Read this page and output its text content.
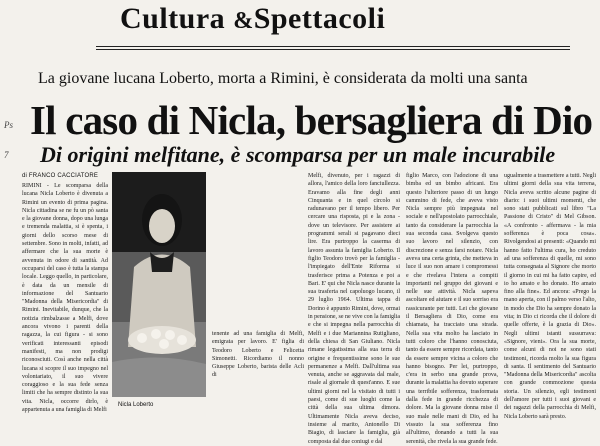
Cultura &Spettacoli
La giovane lucana Loberto, morta a Rimini, è considerata da molti una santa
Il caso di Nicla, bersagliera di Dio
Di origini melfitane, è scomparsa per un male incurabile
Ps
7
di FRANCO CACCIATORE

RIMINI - Le scomparsa della lucana Nicla Loberto è divenuta a Rimini un evento di prima pagina. Nicla cittadina se ne fu un pò santa e la giovane donna, dopo una lunga e tremenda malattia, si è spenta, i giorni dello scorso mese di settembre. Sono in molti, infatti, ad affermare che la sua morte è avvenuta in odore di santità. Ad occuparsi del caso è tutta la stampa locale. Leggo quello, in particolare, è data da un mensile di informazione del Santuario "Madonna della Misericordia" di Rimini. Inevitabile, dunque, che la notizia rimbalzasse a Melfi, dove ancora vivono i parenti della ragazza, la cui figura - si sono verificati interessanti episodi manifesti, ma non prodigi riconosciuti. Così anche nella città lucana si scopre il suo impegno nel volontariato, il suo vivere coraggioso e la sua fede senza limiti che ha sempre distinto la sua vita. Nicla, occorre dirlo, è appartenuta a una famiglia di Melfi

Nicla Loberto

tenente ad una famiglia di Melfi, emigrata per lavoro. E' figlia di Teodoro Loberto e Felicetta Simonetti. Ricordiamo il nonno Giuseppe Loberto, barista delle Acli di

Melfi, divenuto, per i ragazzi di allora, l'amico della loro fanciullezza. Eravamo alla fine degli anni Cinquanta e in quel circolo si radunavano per il tempo libero. Per cercare una risposta, pi e la zona - dove un televisore. Per assistere ai programmi serali si pagavano dieci lire. Era purtroppo la caserma di lavoro assunta la famiglia Loberto. Il figlio Teodoro trovò per la famiglia - l'impiegato dell'Ente Riforma si trasferisce prima a Potenza e poi a Bari. E' qui che Nicla nasce durante la sua trasferta nel capoluogo lucano, il 29 luglio 1964. Ultima tappa di Dorino è appunto Rimini, dove, ormai in pensione, se ne vive con la famiglia e che si impegna nella parrocchia di Melfi e i due Mariannina Rutigliano, della chiesa di San Giuliano. Nicla rimane legatissima alla sua terra di origine e frequentissime sono le sue permanenze a Melfi. Dall'ultima sua venuta, anche se aggravata dal male, risale al giornale di quest'anno. E sue ultimi giorni nel la visitato di tutti i paesi, come di sue luoghi come la città della sua ultima dimora. Ultimamente Nicla aveva deciso, insieme al marito, Antonello Di Biagio, di lasciare la famiglia, già composta dal due coniugi e dal

figlio Marco, con l'adozione di una bimba ed un bimbo africani. Era questo l'ulteriore passo di un lungo cammino di fede, che aveva visto Nicla sempre più impegnata nel sociale e nell'apostolato parrocchiale, tanto da considerare la parrocchia la sua seconda casa. Svolgeva questo suo lavoro nel silenzio, con discrezione e senza farsi notare. Nicla aveva una certa grinta, che metteva in luce il suo non amare i compromessi e che rivelava l'intera a compiti importanti nel gruppo dei giovani e nelle sue attività. Nicla sapeva ascoltare ed aiutare e il suo sorriso era rassicurante per tutti. Lei che giovane il Bersagliera di Dio, come era chiamata, ha tracciato una strada. Nella sua vita molto ha lasciato in tutti coloro che l'hanno conosciuta, tanto da essere sempre ricordata, tanto da essere sempre vicina a coloro che hanno bisogno. Per lei, purtroppo, c'era in serbo una grande prova, durante la malattia ha dovuto superare una terribile sofferenza, trasformata dalla fede in grande ricchezza di dolore. Ma la giovane donna mise il suo male nelle mani di Dio, ed ha vissuto la sua sofferenza fino all'ultimo, donando a tutti la sua serenità, che rivela la sua grande fede.

ugualmente a trasmettere a tutti. Negli ultimi giorni della sua vita terrena, Nicla aveva scritto alcune pagine di diario: i suoi ultimi momenti, che sono stati pubblicati sul libro "La Passione di Cristo" di Mel Gibson. «A confronto - affermava - la mia sofferenza è poca cosa». Rivolgendosi ai presenti: «Quando mi hanno fatto l'ultima cura, ho creduto ad una sofferenza di quelle, mi sono tutta consegnata al Signore che morto il giorno in cui mi ha fatto capire, ed io ho amato e ho donato. Ho amato fino alla fine». Ed ancora: «Prego la mano aperta, con il palmo verso l'alto, in modo che Dio ha sempre donato la vita; in Dio ci ricorda che il dolore di quelle offerte, è la grazia di Dio». Negli ultimi istanti sussurrava: «Signore, vieni». Ora la sua morte, come alcuni di noi ne sono stati testimoni, ricorda molto la sua figura di santa. Il sentimento del Santuario "Madonna della Misericordia" ascolta con grande commozione questa storia. Un silenzio, egli testimoni dell'amore per tutti i suoi giovani e dei ragazzi della parrocchia di Melfi, Nicla Loberto sarà presto.
